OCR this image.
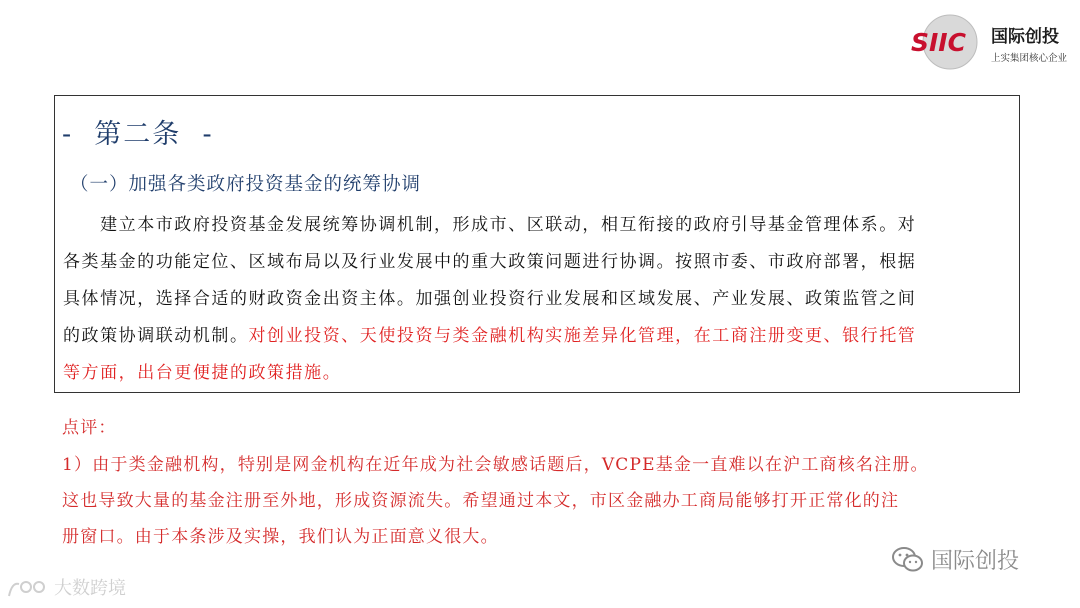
SIIC 国际创投
上实集团核心企业
-  第二条  -
（一）加强各类政府投资基金的统筹协调
　　建立本市政府投资基金发展统筹协调机制，形成市、区联动，相互衔接的政府引导基金管理体系。对
各类基金的功能定位、区域布局以及行业发展中的重大政策问题进行协调。按照市委、市政府部署，根据
具体情况，选择合适的财政资金出资主体。加强创业投资行业发展和区域发展、产业发展、政策监管之间
的政策协调联动机制。对创业投资、天使投资与类金融机构实施差异化管理，在工商注册变更、银行托管
等方面，出台更便捷的政策措施。
点评：
1）由于类金融机构，特别是网金机构在近年成为社会敏感话题后，VCPE基金一直难以在沪工商核名注册。
这也导致大量的基金注册至外地，形成资源流失。希望通过本文，市区金融办工商局能够打开正常化的注
册窗口。由于本条涉及实操，我们认为正面意义很大。
大数跨境
国际创投
